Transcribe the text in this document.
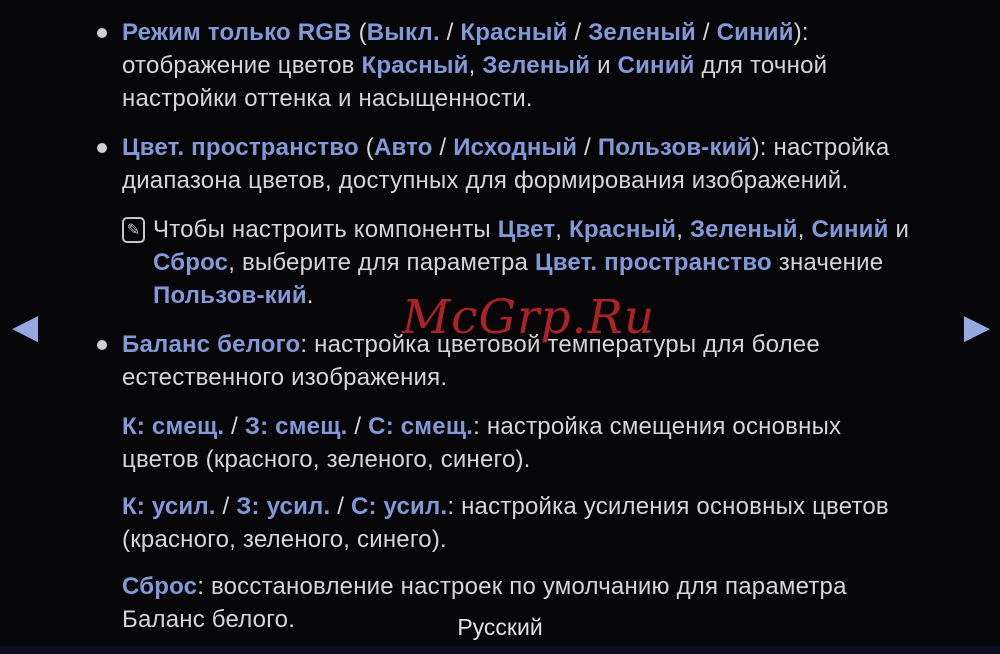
◀	▶
Режим только RGB (Выкл. / Красный / Зеленый / Синий): отображение цветов Красный, Зеленый и Синий для точной настройки оттенка и насыщенности.
Цвет. пространство (Авто / Исходный / Пользов-кий): настройка диапазона цветов, доступных для формирования изображений.
✎ Чтобы настроить компоненты Цвет, Красный, Зеленый, Синий и Сброс, выберите для параметра Цвет. пространство значение Пользов-кий.
Баланс белого: настройка цветовой температуры для более естественного изображения.
К: смещ. / З: смещ. / С: смещ.: настройка смещения основных цветов (красного, зеленого, синего).
К: усил. / З: усил. / С: усил.: настройка усиления основных цветов (красного, зеленого, синего).
Сброс: восстановление настроек по умолчанию для параметра Баланс белого.
McGrp.Ru
Русский
